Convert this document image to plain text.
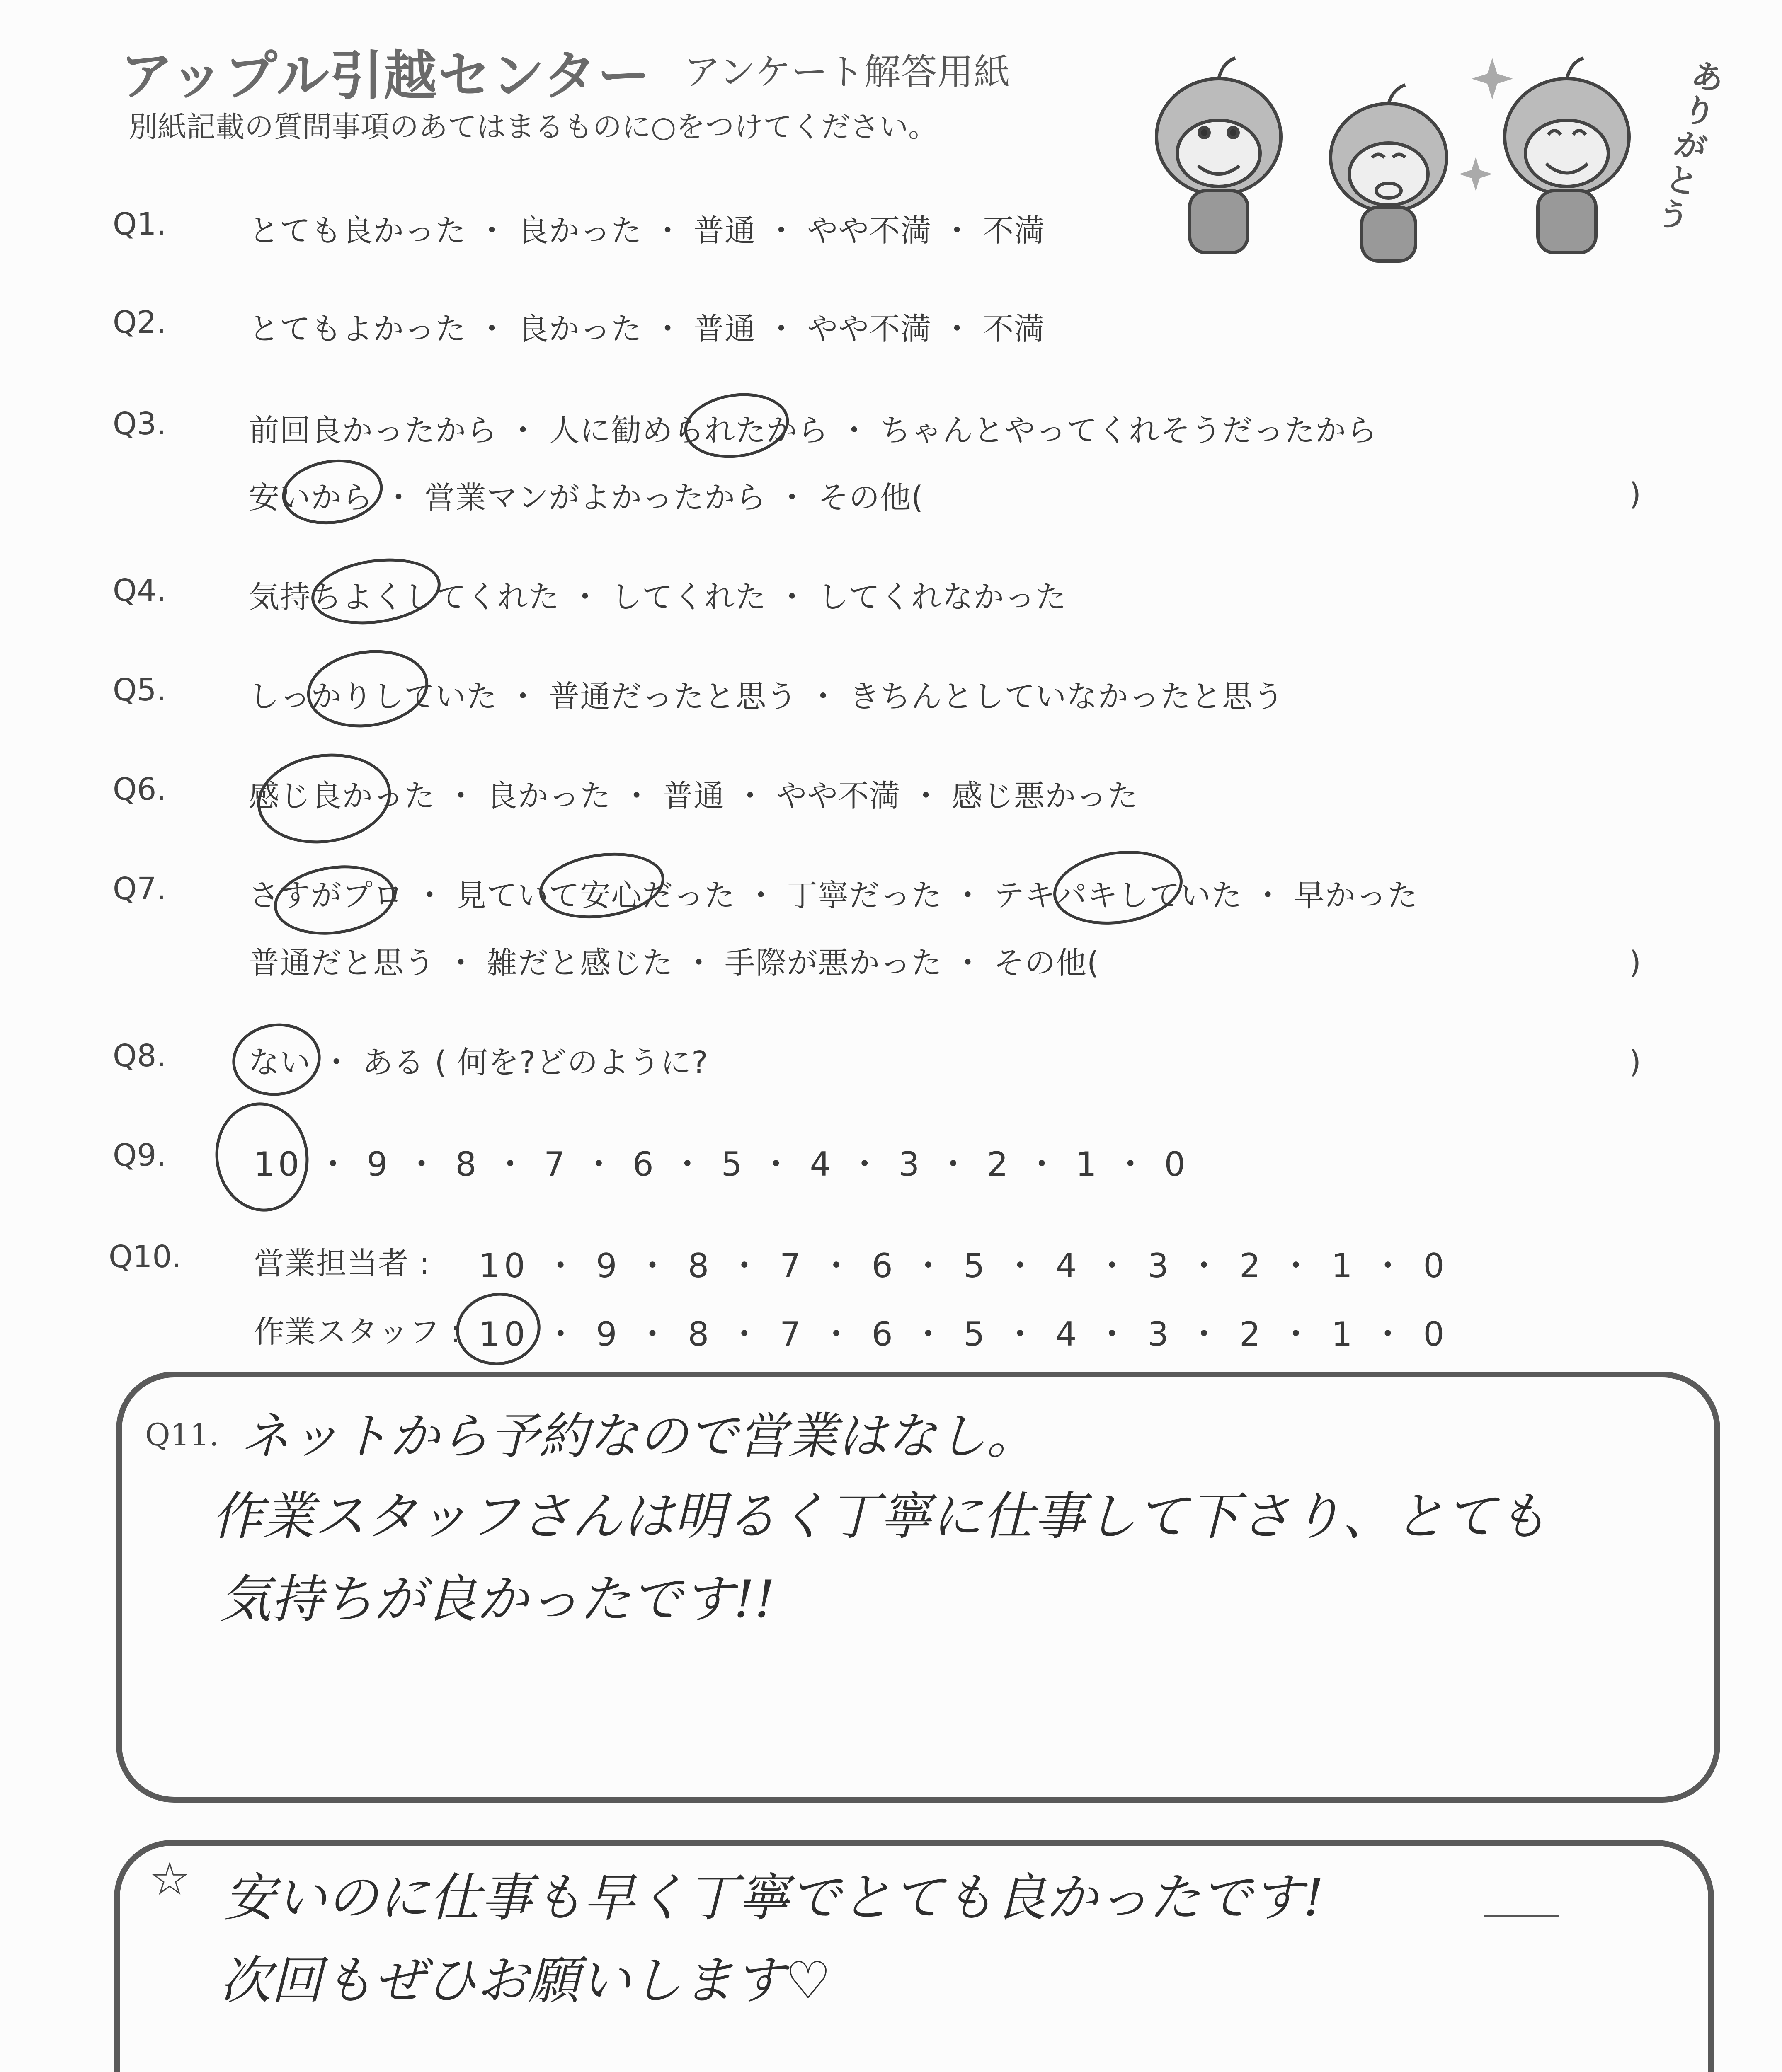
アップル引越センター アンケート解答用紙
別紙記載の質問事項のあてはまるものに○をつけてください。
ありがとう
Q1.	とても良かった ・ 良かった ・ 普通 ・ やや不満 ・ 不満
Q2.	とてもよかった ・ 良かった ・ 普通 ・ やや不満 ・ 不満
Q3.	前回良かったから ・ 人に勧められたから ・ ちゃんとやってくれそうだったから
安いから ・ 営業マンがよかったから ・ その他(	)
Q4.	気持ちよくしてくれた ・ してくれた ・ してくれなかった
Q5.	しっかりしていた ・ 普通だったと思う ・ きちんとしていなかったと思う
Q6.	感じ良かった ・ 良かった ・ 普通 ・ やや不満 ・ 感じ悪かった
Q7.	さすがプロ ・ 見ていて安心だった ・ 丁寧だった ・ テキパキしていた ・ 早かった
普通だと思う ・ 雑だと感じた ・ 手際が悪かった ・ その他(	)
Q8.	ない ・ ある ( 何を?どのように?	)
Q9.	10 ・ 9 ・ 8 ・ 7 ・ 6 ・ 5 ・ 4 ・ 3 ・ 2 ・ 1 ・ 0
Q10. 営業担当者 : 10 ・ 9 ・ 8 ・ 7 ・ 6 ・ 5 ・ 4 ・ 3 ・ 2 ・ 1 ・ 0
作業スタッフ : 10 ・ 9 ・ 8 ・ 7 ・ 6 ・ 5 ・ 4 ・ 3 ・ 2 ・ 1 ・ 0
Q11. ネットから予約なので営業はなし。
作業スタッフさんは明るく丁寧に仕事して下さり、とても
気持ちが良かったです!!
☆ 安いのに仕事も早く丁寧でとても良かったです!
次回もぜひお願いします♡
